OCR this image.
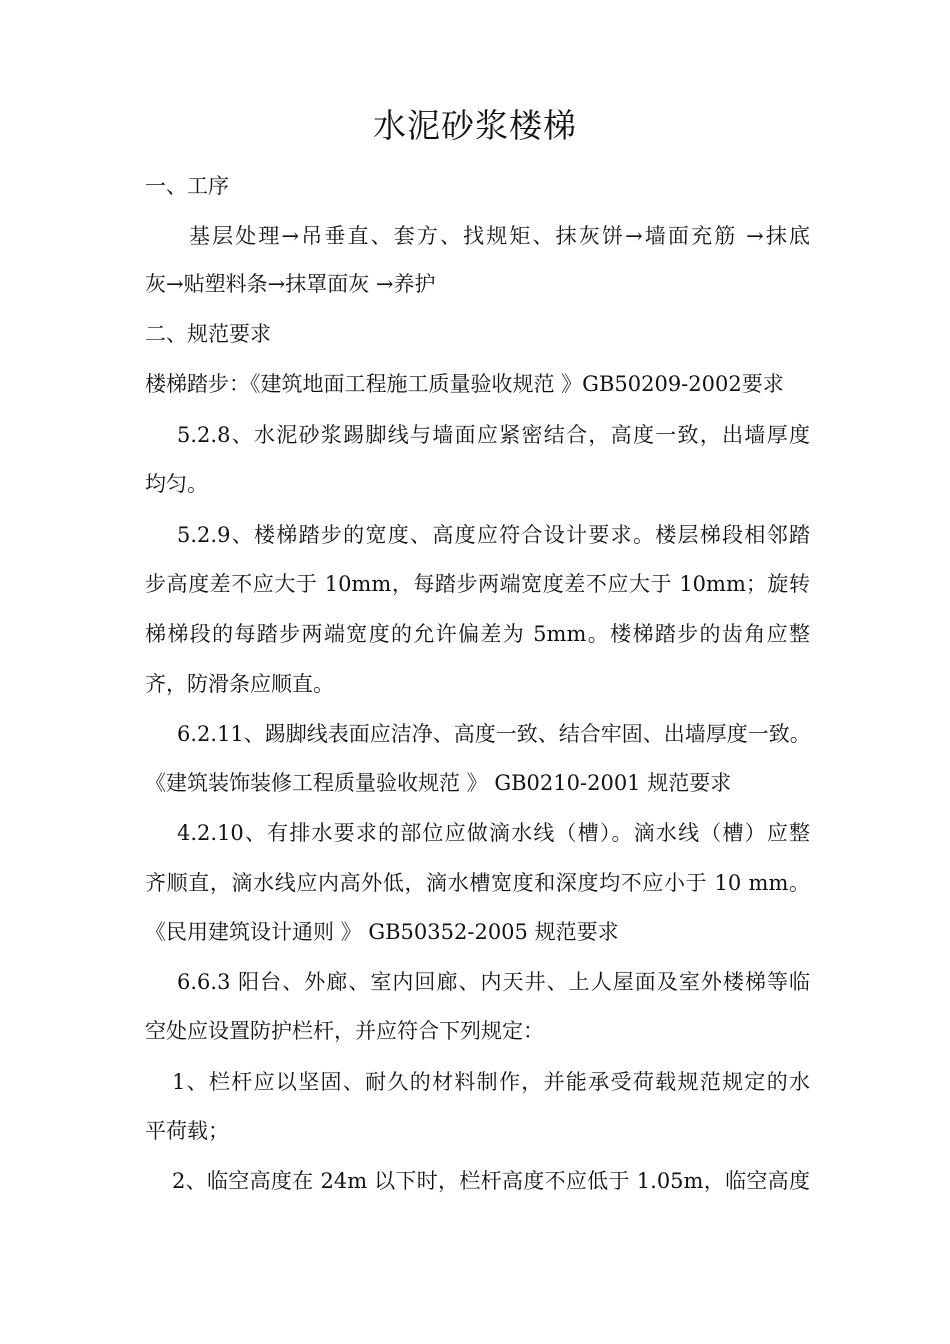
水泥砂浆楼梯
一、工序
基层处理→吊垂直、套方、找规矩、抹灰饼→墙面充筋 →抹底
灰→贴塑料条→抹罩面灰 →养护
二、规范要求
楼梯踏步：《建筑地面工程施工质量验收规范 》GB50209-2002要求
5.2.8、水泥砂浆踢脚线与墙面应紧密结合，高度一致，出墙厚度
均匀。
5.2.9、楼梯踏步的宽度、高度应符合设计要求。楼层梯段相邻踏
步高度差不应大于 10mm，每踏步两端宽度差不应大于 10mm；旋转
梯梯段的每踏步两端宽度的允许偏差为 5mm。楼梯踏步的齿角应整
齐，防滑条应顺直。
6.2.11、踢脚线表面应洁净、高度一致、结合牢固、出墙厚度一致。
《建筑装饰装修工程质量验收规范 》 GB0210-2001 规范要求
4.2.10、有排水要求的部位应做滴水线（槽）。滴水线（槽）应整
齐顺直，滴水线应内高外低，滴水槽宽度和深度均不应小于 10 mm。
《民用建筑设计通则 》 GB50352-2005 规范要求
6.6.3 阳台、外廊、室内回廊、内天井、上人屋面及室外楼梯等临
空处应设置防护栏杆，并应符合下列规定：
1、栏杆应以坚固、耐久的材料制作，并能承受荷载规范规定的水
平荷载；
2、临空高度在 24m 以下时，栏杆高度不应低于 1.05m，临空高度
